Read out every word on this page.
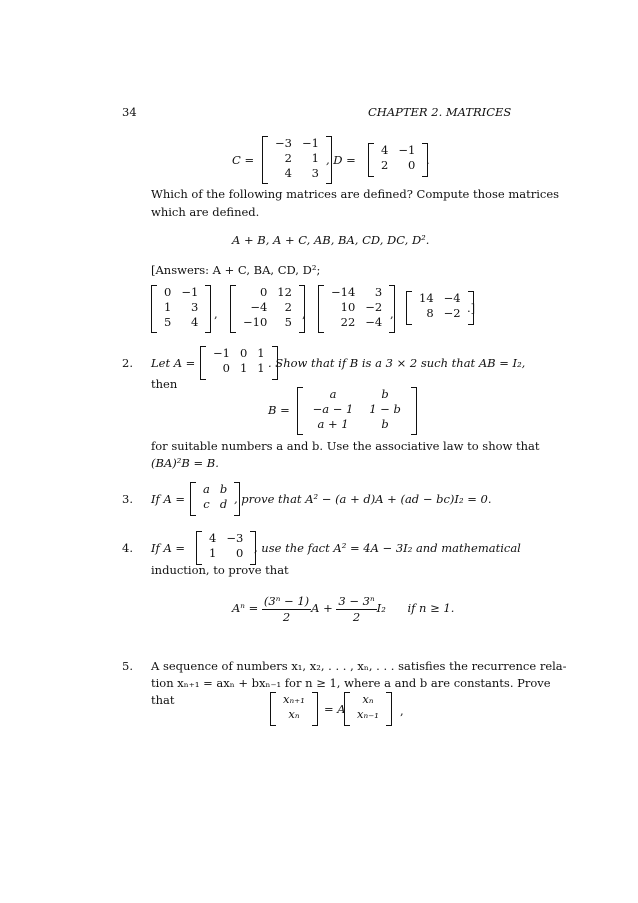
34	CHAPTER 2. MATRICES
C =
−3	−1
2	1
4	3
, D =
4	−1
2	0 .
Which of the following matrices are defined? Compute those matrices
which are defined.
A + B, A + C, AB, BA, CD, DC, D².
[Answers: A + C, BA, CD, D²;
0	−1
1	3
5	4
,
0	12
−4	2
−10	5
,
−14	3
10	−2
22	−4
,
14	−4
8	−2 .]
2. Let A =
−1	0	1
0	1	1 . Show that if B is a 3 × 2 such that AB = I₂,
then
B =
a	b
−a − 1	1 − b
a + 1	b
for suitable numbers a and b. Use the associative law to show that
(BA)²B = B.
3. If A =
a	b
c	d , prove that A² − (a + d)A + (ad − bc)I₂ = 0.
4. If A =
4	−3
1	0 , use the fact A² = 4A − 3I₂ and mathematical
induction, to prove that
$A^n = \frac{\text{(3ⁿ − 1)}}{2}$ $A + \frac{\text{3 − 3ⁿ}}{2} I_2$ if n ≥ 1.
5. A sequence of numbers x₁, x₂, . . . , xₙ, . . . satisfies the recurrence rela-
tion xₙ₊₁ = axₙ + bxₙ₋₁ for n ≥ 1, where a and b are constants. Prove
that	xₙ₊₁
xₙ = A
xₙ
xₙ₋₁ ,
